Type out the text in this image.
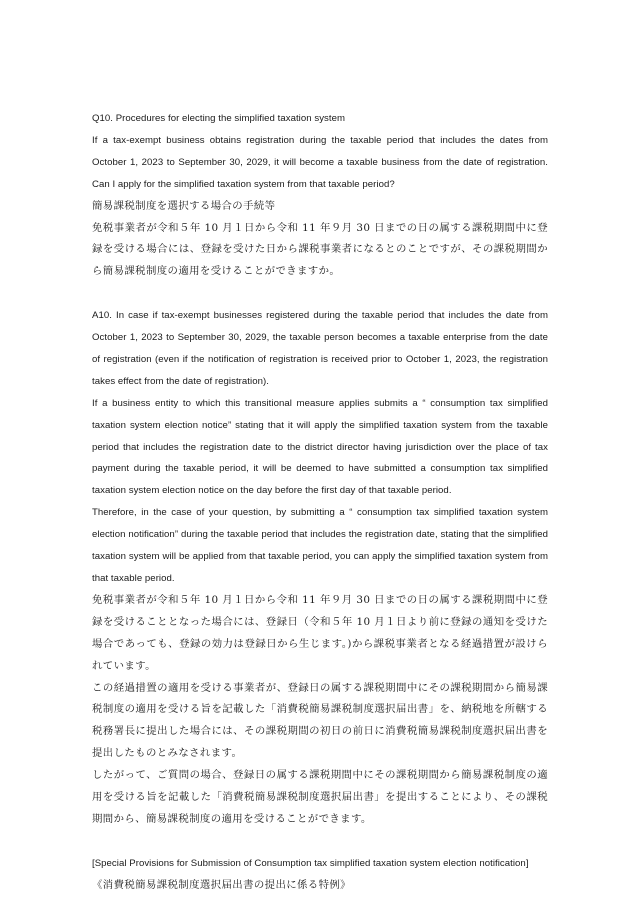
Q10. Procedures for electing the simplified taxation system

If a tax-exempt business obtains registration during the taxable period that includes the dates from October 1, 2023 to September 30, 2029, it will become a taxable business from the date of registration. Can I apply for the simplified taxation system from that taxable period?

簡易課税制度を選択する場合の手続等

免税事業者が令和５年 10 月１日から令和 11 年９月 30 日までの日の属する課税期間中に登録を受ける場合には、登録を受けた日から課税事業者になるとのことですが、その課税期間から簡易課税制度の適用を受けることができますか。

A10. In case if tax-exempt businesses registered during the taxable period that includes the date from October 1, 2023 to September 30, 2029, the taxable person becomes a taxable enterprise from the date of registration (even if the notification of registration is received prior to October 1, 2023, the registration takes effect from the date of registration).

If a business entity to which this transitional measure applies submits a “ consumption tax simplified taxation system election notice” stating that it will apply the simplified taxation system from the taxable period that includes the registration date to the district director having jurisdiction over the place of tax payment during the taxable period, it will be deemed to have submitted a consumption tax simplified taxation system election notice on the day before the first day of that taxable period.

Therefore, in the case of your question, by submitting a “ consumption tax simplified taxation system election notification” during the taxable period that includes the registration date, stating that the simplified taxation system will be applied from that taxable period, you can apply the simplified taxation system from that taxable period.

免税事業者が令和５年 10 月１日から令和 11 年９月 30 日までの日の属する課税期間中に登録を受けることとなった場合には、登録日（令和５年 10 月１日より前に登録の通知を受けた場合であっても、登録の効力は登録日から生じます。)から課税事業者となる経過措置が設けられています。

この経過措置の適用を受ける事業者が、登録日の属する課税期間中にその課税期間から簡易課税制度の適用を受ける旨を記載した「消費税簡易課税制度選択届出書」を、納税地を所轄する税務署長に提出した場合には、その課税期間の初日の前日に消費税簡易課税制度選択届出書を提出したものとみなされます。

したがって、ご質問の場合、登録日の属する課税期間中にその課税期間から簡易課税制度の適用を受ける旨を記載した「消費税簡易課税制度選択届出書」を提出することにより、その課税期間から、簡易課税制度の適用を受けることができます。

[Special Provisions for Submission of Consumption tax simplified taxation system election notification]

《消費税簡易課税制度選択届出書の提出に係る特例》
